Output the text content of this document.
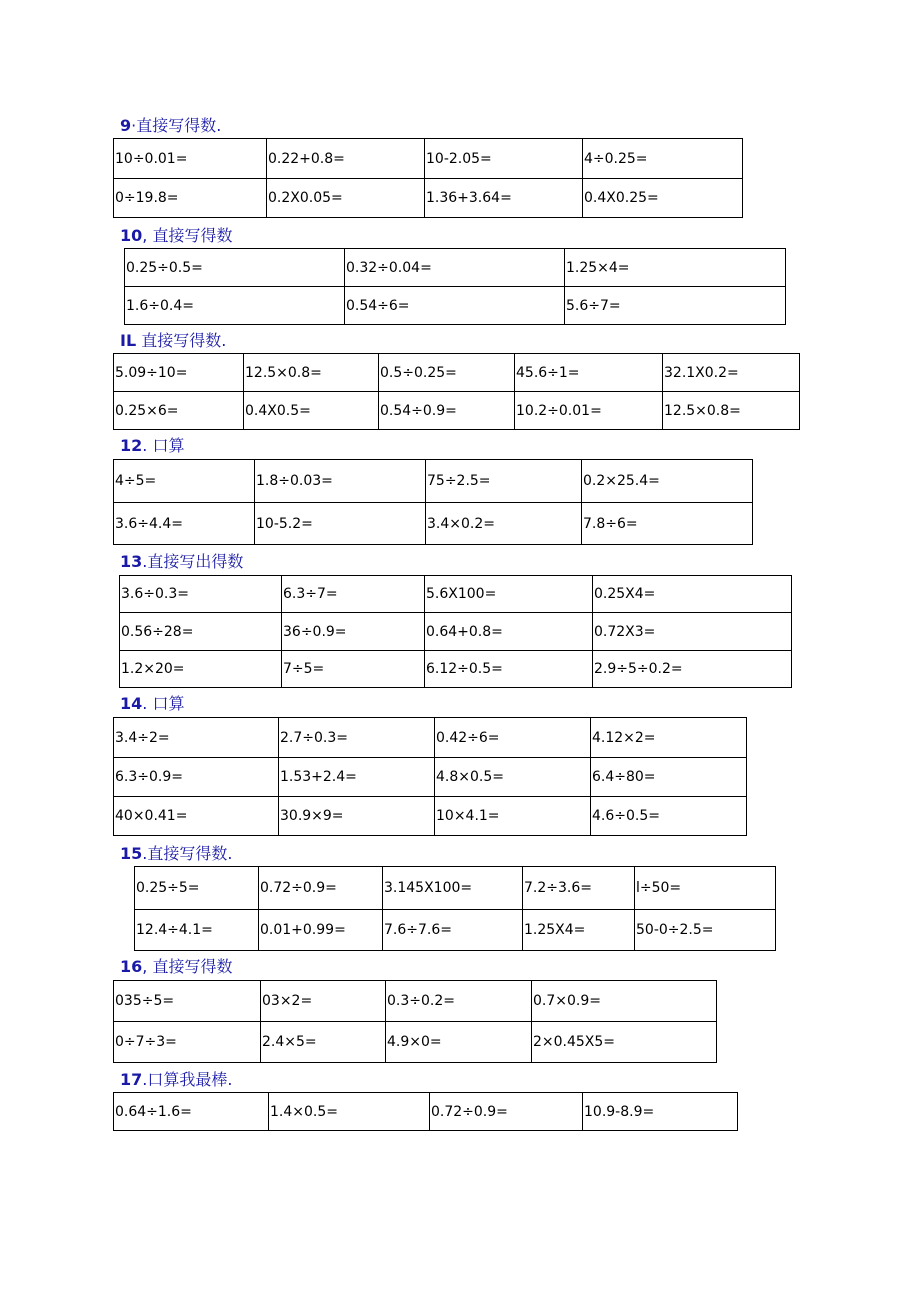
9·直接写得数.
10÷0.01=	0.22+0.8=	10-2.05=	4÷0.25=
0÷19.8=	0.2X0.05=	1.36+3.64=	0.4X0.25=
10, 直接写得数
0.25÷0.5=	0.32÷0.04=	1.25×4=
1.6÷0.4=	0.54÷6=	5.6÷7=
IL 直接写得数.
5.09÷10=	12.5×0.8=	0.5÷0.25=	45.6÷1=	32.1X0.2=
0.25×6=	0.4X0.5=	0.54÷0.9=	10.2÷0.01=	12.5×0.8=
12. 口算
4÷5=	1.8÷0.03=	75÷2.5=	0.2×25.4=
3.6÷4.4=	10-5.2=	3.4×0.2=	7.8÷6=
13.直接写出得数
3.6÷0.3=	6.3÷7=	5.6X100=	0.25X4=
0.56÷28=	36÷0.9=	0.64+0.8=	0.72X3=
1.2×20=	7÷5=	6.12÷0.5=	2.9÷5÷0.2=
14. 口算
3.4÷2=	2.7÷0.3=	0.42÷6=	4.12×2=
6.3÷0.9=	1.53+2.4=	4.8×0.5=	6.4÷80=
40×0.41=	30.9×9=	10×4.1=	4.6÷0.5=
15.直接写得数.
0.25÷5=	0.72÷0.9=	3.145X100=	7.2÷3.6=	l÷50=
12.4÷4.1=	0.01+0.99=	7.6÷7.6=	1.25X4=	50-0÷2.5=
16, 直接写得数
035÷5=	03×2=	0.3÷0.2=	0.7×0.9=
0÷7÷3=	2.4×5=	4.9×0=	2×0.45X5=
17.口算我最棒.
0.64÷1.6=	1.4×0.5=	0.72÷0.9=	10.9-8.9=
